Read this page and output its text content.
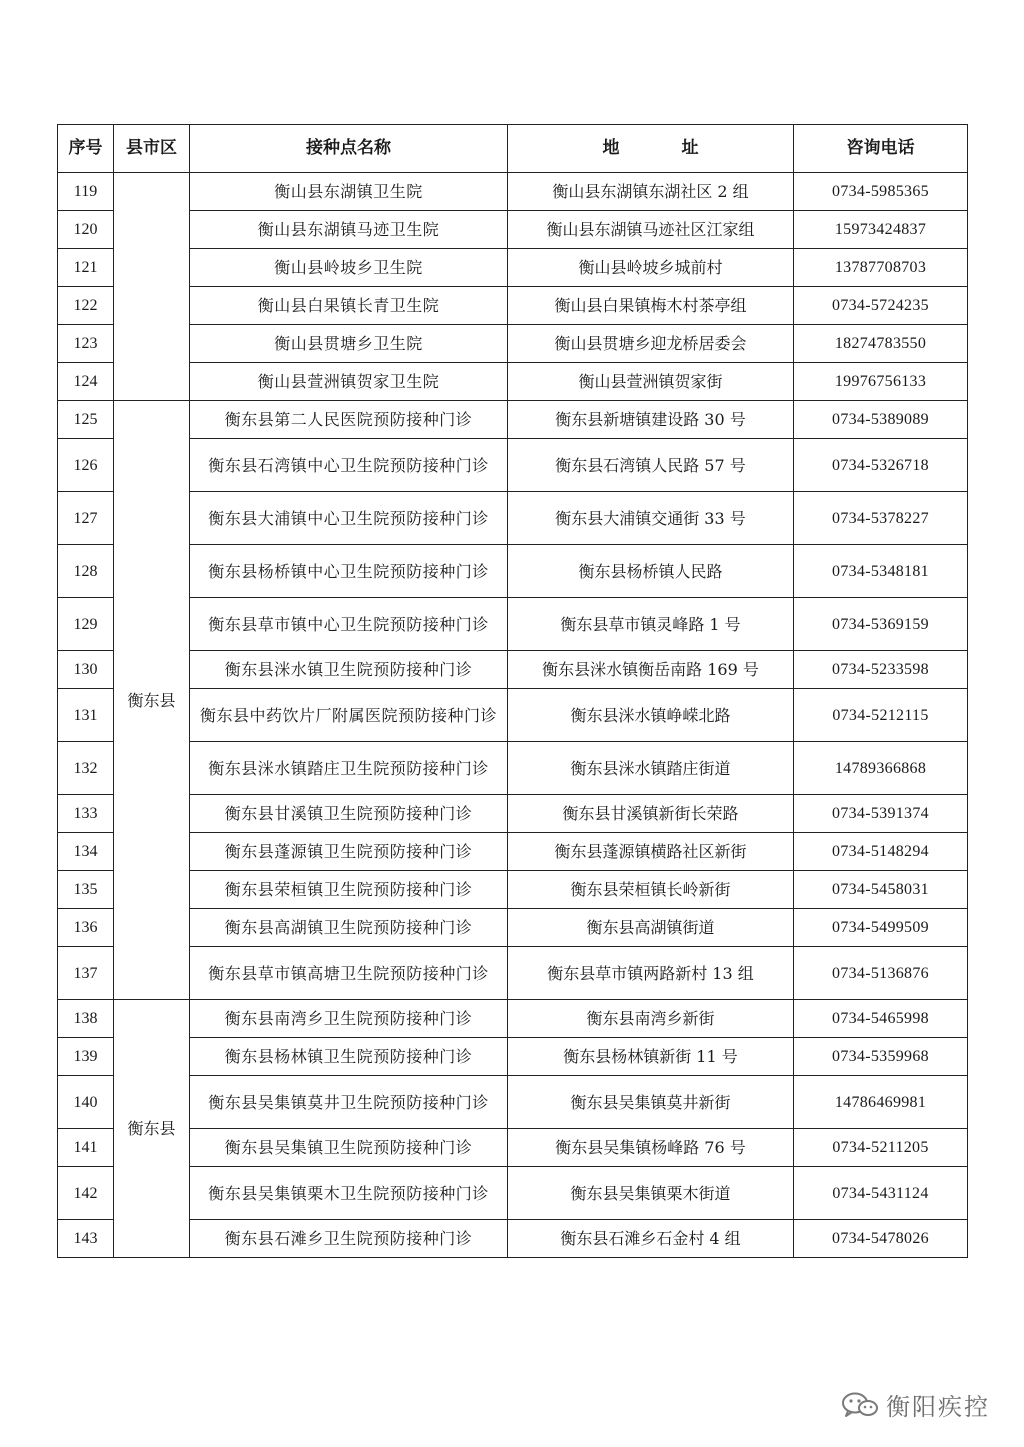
序号	县市区	接种点名称	地 址	咨询电话
119		衡山县东湖镇卫生院	衡山县东湖镇东湖社区 2 组	0734-5985365
120		衡山县东湖镇马迹卫生院	衡山县东湖镇马迹社区江家组	15973424837
121		衡山县岭坡乡卫生院	衡山县岭坡乡城前村	13787708703
122		衡山县白果镇长青卫生院	衡山县白果镇梅木村茶亭组	0734-5724235
123		衡山县贯塘乡卫生院	衡山县贯塘乡迎龙桥居委会	18274783550
124		衡山县萱洲镇贺家卫生院	衡山县萱洲镇贺家街	19976756133
125	衡东县	衡东县第二人民医院预防接种门诊	衡东县新塘镇建设路 30 号	0734-5389089
126		衡东县石湾镇中心卫生院预防接种门诊	衡东县石湾镇人民路 57 号	0734-5326718
127		衡东县大浦镇中心卫生院预防接种门诊	衡东县大浦镇交通街 33 号	0734-5378227
128		衡东县杨桥镇中心卫生院预防接种门诊	衡东县杨桥镇人民路	0734-5348181
129		衡东县草市镇中心卫生院预防接种门诊	衡东县草市镇灵峰路 1 号	0734-5369159
130		衡东县洣水镇卫生院预防接种门诊	衡东县洣水镇衡岳南路 169 号	0734-5233598
131		衡东县中药饮片厂附属医院预防接种门诊	衡东县洣水镇峥嵘北路	0734-5212115
132		衡东县洣水镇踏庄卫生院预防接种门诊	衡东县洣水镇踏庄街道	14789366868
133		衡东县甘溪镇卫生院预防接种门诊	衡东县甘溪镇新街长荣路	0734-5391374
134		衡东县蓬源镇卫生院预防接种门诊	衡东县蓬源镇横路社区新街	0734-5148294
135		衡东县荣桓镇卫生院预防接种门诊	衡东县荣桓镇长岭新街	0734-5458031
136		衡东县高湖镇卫生院预防接种门诊	衡东县高湖镇街道	0734-5499509
137		衡东县草市镇高塘卫生院预防接种门诊	衡东县草市镇两路新村 13 组	0734-5136876
138	衡东县	衡东县南湾乡卫生院预防接种门诊	衡东县南湾乡新街	0734-5465998
139		衡东县杨林镇卫生院预防接种门诊	衡东县杨林镇新街 11 号	0734-5359968
140		衡东县吴集镇莫井卫生院预防接种门诊	衡东县吴集镇莫井新街	14786469981
141		衡东县吴集镇卫生院预防接种门诊	衡东县吴集镇杨峰路 76 号	0734-5211205
142		衡东县吴集镇栗木卫生院预防接种门诊	衡东县吴集镇栗木街道	0734-5431124
143		衡东县石滩乡卫生院预防接种门诊	衡东县石滩乡石金村 4 组	0734-5478026
衡阳疾控
